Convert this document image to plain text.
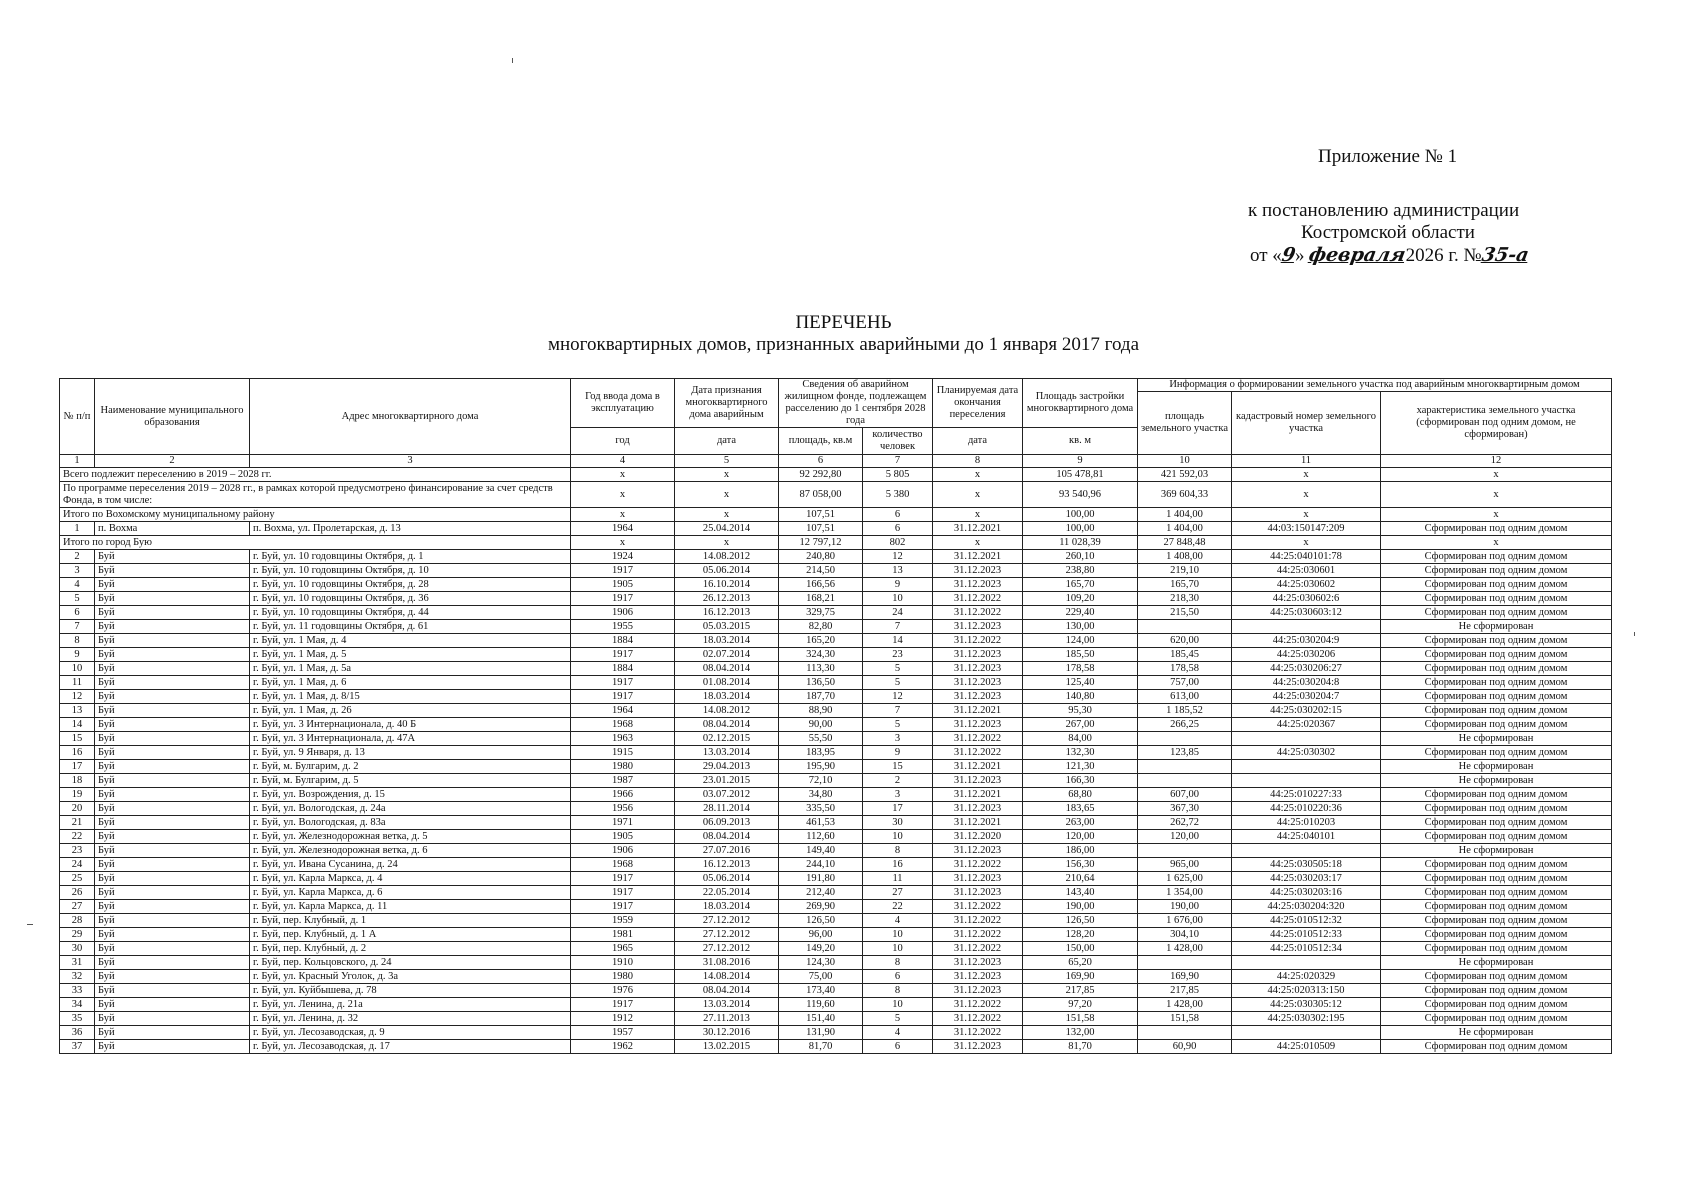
Приложение № 1
к постановлению администрации
Костромской области
от «9» февраля2026 г. №35-а
ПЕРЕЧЕНЬ
многоквартирных домов, признанных аварийными до 1 января 2017 года
№ п/п	Наименование муниципального образования	Адрес многоквартирного дома	Год ввода дома в эксплуатацию	Дата признания многоквартирного дома аварийным	Сведения об аварийном жилищном фонде, подлежащем расселению до 1 сентября 2028 года		Планируемая дата окончания переселения	Площадь застройки многоквартирного дома	Информация о формировании земельного участка под аварийным многоквартирным домом		
									площадь земельного участка	кадастровый номер земельного участка	характеристика земельного участка (сформирован под одним домом, не сформирован)
			год	дата	площадь, кв.м	количество человек	дата	кв. м			
1	2	3	4	5	6	7	8	9	10	11	12
Всего подлежит переселению в 2019 – 2028 гг.			x	x	92 292,80	5 805	x	105 478,81	421 592,03	x	x
По программе переселения 2019 – 2028 гг., в рамках которой предусмотрено финансирование за счет средств Фонда, в том числе:			x	x	87 058,00	5 380	x	93 540,96	369 604,33	x	x
Итого по Вохомскому муниципальному району			x	x	107,51	6	x	100,00	1 404,00	x	x
1	п. Вохма	п. Вохма, ул. Пролетарская, д. 13	1964	25.04.2014	107,51	6	31.12.2021	100,00	1 404,00	44:03:150147:209	Сформирован под одним домом
Итого по город Бую			x	x	12 797,12	802	x	11 028,39	27 848,48	x	x
2	Буй	г. Буй, ул. 10 годовщины Октября, д. 1	1924	14.08.2012	240,80	12	31.12.2021	260,10	1 408,00	44:25:040101:78	Сформирован под одним домом
3	Буй	г. Буй, ул. 10 годовщины Октября, д. 10	1917	05.06.2014	214,50	13	31.12.2023	238,80	219,10	44:25:030601	Сформирован под одним домом
4	Буй	г. Буй, ул. 10 годовщины Октября, д. 28	1905	16.10.2014	166,56	9	31.12.2023	165,70	165,70	44:25:030602	Сформирован под одним домом
5	Буй	г. Буй, ул. 10 годовщины Октября, д. 36	1917	26.12.2013	168,21	10	31.12.2022	109,20	218,30	44:25:030602:6	Сформирован под одним домом
6	Буй	г. Буй, ул. 10 годовщины Октября, д. 44	1906	16.12.2013	329,75	24	31.12.2022	229,40	215,50	44:25:030603:12	Сформирован под одним домом
7	Буй	г. Буй, ул. 11 годовщины Октября, д. 61	1955	05.03.2015	82,80	7	31.12.2023	130,00			Не сформирован
8	Буй	г. Буй, ул. 1 Мая, д. 4	1884	18.03.2014	165,20	14	31.12.2022	124,00	620,00	44:25:030204:9	Сформирован под одним домом
9	Буй	г. Буй, ул. 1 Мая, д. 5	1917	02.07.2014	324,30	23	31.12.2023	185,50	185,45	44:25:030206	Сформирован под одним домом
10	Буй	г. Буй, ул. 1 Мая, д. 5а	1884	08.04.2014	113,30	5	31.12.2023	178,58	178,58	44:25:030206:27	Сформирован под одним домом
11	Буй	г. Буй, ул. 1 Мая, д. 6	1917	01.08.2014	136,50	5	31.12.2023	125,40	757,00	44:25:030204:8	Сформирован под одним домом
12	Буй	г. Буй, ул. 1 Мая, д. 8/15	1917	18.03.2014	187,70	12	31.12.2023	140,80	613,00	44:25:030204:7	Сформирован под одним домом
13	Буй	г. Буй, ул. 1 Мая, д. 26	1964	14.08.2012	88,90	7	31.12.2021	95,30	1 185,52	44:25:030202:15	Сформирован под одним домом
14	Буй	г. Буй, ул. 3 Интернационала, д. 40 Б	1968	08.04.2014	90,00	5	31.12.2023	267,00	266,25	44:25:020367	Сформирован под одним домом
15	Буй	г. Буй, ул. 3 Интернационала, д. 47А	1963	02.12.2015	55,50	3	31.12.2022	84,00			Не сформирован
16	Буй	г. Буй, ул. 9 Января, д. 13	1915	13.03.2014	183,95	9	31.12.2022	132,30	123,85	44:25:030302	Сформирован под одним домом
17	Буй	г. Буй, м. Булгарим, д. 2	1980	29.04.2013	195,90	15	31.12.2021	121,30			Не сформирован
18	Буй	г. Буй, м. Булгарим, д. 5	1987	23.01.2015	72,10	2	31.12.2023	166,30			Не сформирован
19	Буй	г. Буй, ул. Возрождения, д. 15	1966	03.07.2012	34,80	3	31.12.2021	68,80	607,00	44:25:010227:33	Сформирован под одним домом
20	Буй	г. Буй, ул. Вологодская, д. 24а	1956	28.11.2014	335,50	17	31.12.2023	183,65	367,30	44:25:010220:36	Сформирован под одним домом
21	Буй	г. Буй, ул. Вологодская, д. 83а	1971	06.09.2013	461,53	30	31.12.2021	263,00	262,72	44:25:010203	Сформирован под одним домом
22	Буй	г. Буй, ул. Железнодорожная ветка, д. 5	1905	08.04.2014	112,60	10	31.12.2020	120,00	120,00	44:25:040101	Сформирован под одним домом
23	Буй	г. Буй, ул. Железнодорожная ветка, д. 6	1906	27.07.2016	149,40	8	31.12.2023	186,00			Не сформирован
24	Буй	г. Буй, ул. Ивана Сусанина, д. 24	1968	16.12.2013	244,10	16	31.12.2022	156,30	965,00	44:25:030505:18	Сформирован под одним домом
25	Буй	г. Буй, ул. Карла Маркса, д. 4	1917	05.06.2014	191,80	11	31.12.2023	210,64	1 625,00	44:25:030203:17	Сформирован под одним домом
26	Буй	г. Буй, ул. Карла Маркса, д. 6	1917	22.05.2014	212,40	27	31.12.2023	143,40	1 354,00	44:25:030203:16	Сформирован под одним домом
27	Буй	г. Буй, ул. Карла Маркса, д. 11	1917	18.03.2014	269,90	22	31.12.2022	190,00	190,00	44:25:030204:320	Сформирован под одним домом
28	Буй	г. Буй, пер. Клубный, д. 1	1959	27.12.2012	126,50	4	31.12.2022	126,50	1 676,00	44:25:010512:32	Сформирован под одним домом
29	Буй	г. Буй, пер. Клубный, д. 1 А	1981	27.12.2012	96,00	10	31.12.2022	128,20	304,10	44:25:010512:33	Сформирован под одним домом
30	Буй	г. Буй, пер. Клубный, д. 2	1965	27.12.2012	149,20	10	31.12.2022	150,00	1 428,00	44:25:010512:34	Сформирован под одним домом
31	Буй	г. Буй, пер. Кольцовского, д. 24	1910	31.08.2016	124,30	8	31.12.2023	65,20			Не сформирован
32	Буй	г. Буй, ул. Красный Уголок, д. 3а	1980	14.08.2014	75,00	6	31.12.2023	169,90	169,90	44:25:020329	Сформирован под одним домом
33	Буй	г. Буй, ул. Куйбышева, д. 78	1976	08.04.2014	173,40	8	31.12.2023	217,85	217,85	44:25:020313:150	Сформирован под одним домом
34	Буй	г. Буй, ул. Ленина, д. 21а	1917	13.03.2014	119,60	10	31.12.2022	97,20	1 428,00	44:25:030305:12	Сформирован под одним домом
35	Буй	г. Буй, ул. Ленина, д. 32	1912	27.11.2013	151,40	5	31.12.2022	151,58	151,58	44:25:030302:195	Сформирован под одним домом
36	Буй	г. Буй, ул. Лесозаводская, д. 9	1957	30.12.2016	131,90	4	31.12.2022	132,00			Не сформирован
37	Буй	г. Буй, ул. Лесозаводская, д. 17	1962	13.02.2015	81,70	6	31.12.2023	81,70	60,90	44:25:010509	Сформирован под одним домом
